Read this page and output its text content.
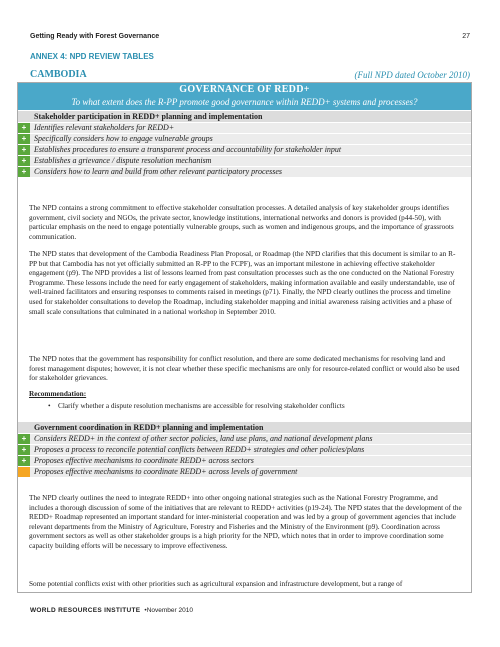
Getting Ready with Forest Governance	27
ANNEX 4: NPD REVIEW TABLES
CAMBODIA	(Full NPD dated October 2010)
GOVERNANCE OF REDD+
To what extent does the R-PP promote good governance within REDD+ systems and processes?
Stakeholder participation in REDD+ planning and implementation
+ Identifies relevant stakeholders for REDD+
+ Specifically considers how to engage vulnerable groups
+ Establishes procedures to ensure a transparent process and accountability for stakeholder input
+ Establishes a grievance / dispute resolution mechanism
+ Considers how to learn and build from other relevant participatory processes

The NPD contains a strong commitment to effective stakeholder consultation processes. A detailed analysis of key stakeholder groups identifies government, civil society and NGOs, the private sector, knowledge institutions, international networks and donors is provided (p44-50), with particular emphasis on the need to engage potentially vulnerable groups, such as women and indigenous groups, and the importance of grassroots communication.

The NPD states that development of the Cambodia Readiness Plan Proposal, or Roadmap (the NPD clarifies that this document is similar to an R-PP but that Cambodia has not yet officially submitted an R-PP to the FCPF), was an important milestone in achieving effective stakeholder engagement (p9). The NPD provides a list of lessons learned from past consultation processes such as the one conducted on the National Forestry Programme. These lessons include the need for early engagement of stakeholders, making information available and easily understandable, use of well-trained facilitators and ensuring responses to comments raised in meetings (p71). Finally, the NPD clearly outlines the process and timeline used for stakeholder consultations to develop the Roadmap, including stakeholder mapping and initial awareness raising activities and a phase of small scale consultations that culminated in a national workshop in September 2010.

The NPD notes that the government has responsibility for conflict resolution, and there are some dedicated mechanisms for resolving land and forest management disputes; however, it is not clear whether these specific mechanisms are only for resource-related conflict or would also be used for stakeholder grievances.

Recommendation:
• Clarify whether a dispute resolution mechanisms are accessible for resolving stakeholder conflicts
Government coordination in REDD+ planning and implementation
+ Considers REDD+ in the context of other sector policies, land use plans, and national development plans
+ Proposes a process to reconcile potential conflicts between REDD+ strategies and other policies/plans
+ Proposes effective mechanisms to coordinate REDD+ across sectors
Proposes effective mechanisms to coordinate REDD+ across levels of government

The NPD clearly outlines the need to integrate REDD+ into other ongoing national strategies such as the National Forestry Programme, and includes a thorough discussion of some of the initiatives that are relevant to REDD+ activities (p19-24). The NPD states that the development of the REDD+ Roadmap represented an important standard for inter-ministerial cooperation and was led by a group of government agencies that include relevant departments from the Ministry of Agriculture, Forestry and Fisheries and the Ministry of the Environment (p9). Coordination across government sectors as well as other stakeholder groups is a high priority for the NPD, which notes that in order to improve coordination some capacity building efforts will be necessary to improve effectiveness.

Some potential conflicts exist with other priorities such as agricultural expansion and infrastructure development, but a range of

WORLD RESOURCES INSTITUTE •November 2010
